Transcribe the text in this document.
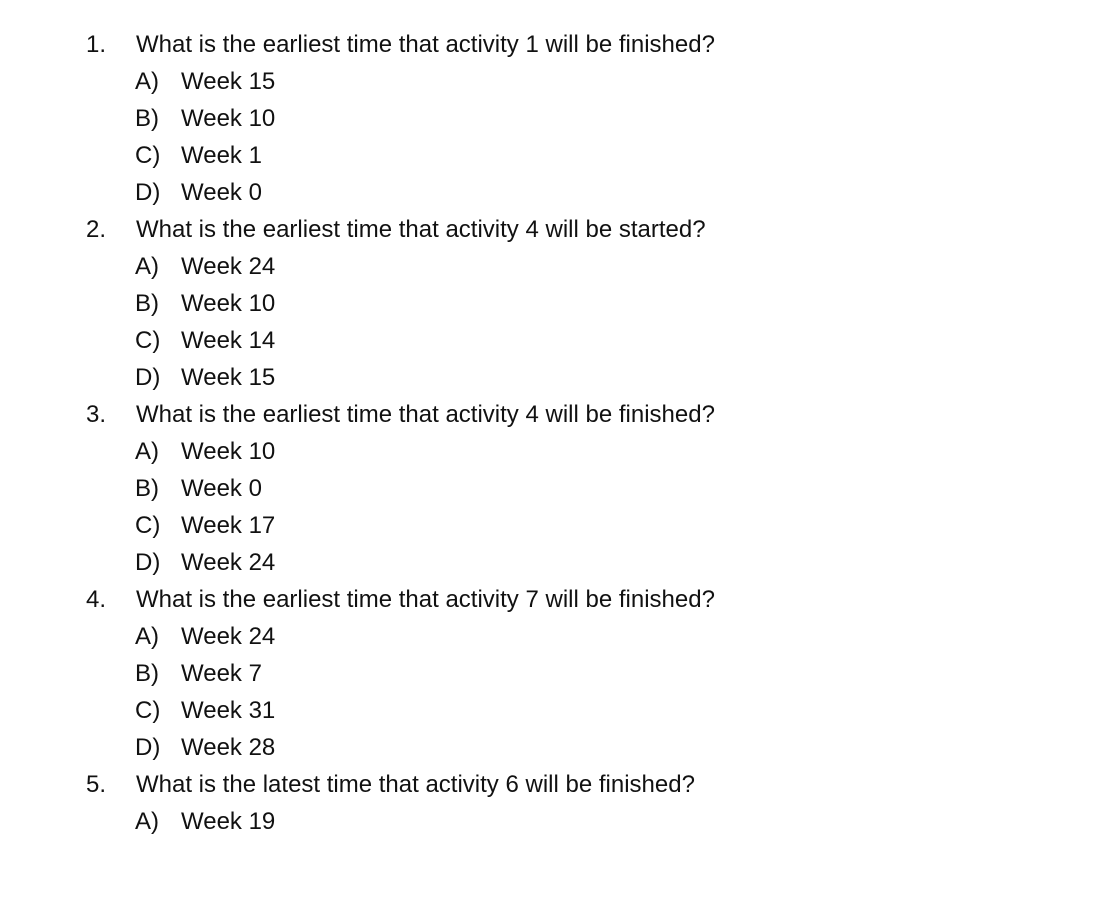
1.	What is the earliest time that activity 1 will be finished?
A) Week 15
B) Week 10
C) Week 1
D) Week 0
2.	What is the earliest time that activity 4 will be started?
A) Week 24
B) Week 10
C) Week 14
D) Week 15
3.	What is the earliest time that activity 4 will be finished?
A) Week 10
B) Week 0
C) Week 17
D) Week 24
4.	What is the earliest time that activity 7 will be finished?
A) Week 24
B) Week 7
C) Week 31
D) Week 28
5.	What is the latest time that activity 6 will be finished?
A) Week 19
